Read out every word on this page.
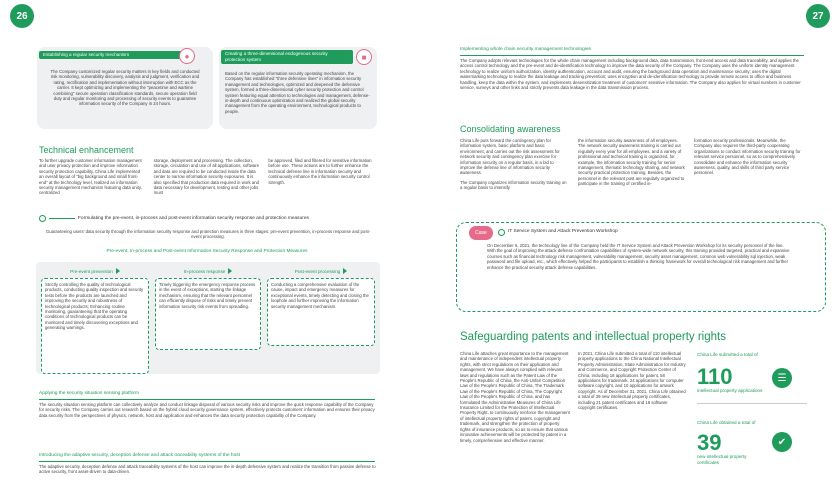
26	27
Establishing a regular security mechanism	●
The Company customized regular security matters in key fields and conducted risk monitoring, vulnerability discovery, analysis and judgment, verification and rating, rectification and implementation without interruption with ECC as the carrier. It kept optimizing and implementing the "peacetime and wartime combining" secure operation classification standards, secure operation field duty and regular monitoring and processing of security events to guarantee information security of the Company in 24 hours.
Creating a three-dimensional endogenous security protection system	■
Based on the regular information security operating mechanism, the Company has established "three defensive lines" in information security management and technologies, optimized and deepened the defensive system, formed a three-dimensional cyber security protection and control system featuring equal attention to technologies and management, defense-in-depth and continuous optimization and realized the global security management from the operating environment, technological products to people.
Technical enhancement
To further upgrade customer information management and user privacy protection and improve information security protection capability, China Life implemented an overall layout of "big background and small front-end" at the technology level, realized an information security management mechanism featuring data unity, centralized
storage, deployment and processing. The collection, storage, circulation and use of all applications, software and data are required to be conducted inside the data center to narrow information security exposures. It is also specified that production data required in work and data necessary for development, testing and other jobs must
be approved, filed and filtered for sensitive information before use. These actions are to further enhance the technical defense line in information security and continuously enhance the information security control strength.
Formulating the pre-event, in-process and post-event information security response and protection measures
Guaranteeing users' data security through the information security response and protection measures in three stages: pre-event prevention, in-process response and post-event processing.
Pre-event, In-process and Post-event Information Security Response and Protection Measures
Pre-event prevention
Strictly controlling the quality of technological products, conducting quality inspection and security tests before the products are launched and improving the security and robustness of technological products; Enhancing routine monitoring, guaranteeing that the operating conditions of technological products can be monitored and timely discovering exceptions and generating warnings.
In-process response
Timely triggering the emergency response process in the event of exceptions, starting the linkage mechanism, ensuring that the relevant personnel can efficiently dispose of risks and timely prevent information security risk events from spreading.
Post-event processing
Conducting a comprehensive evaluation of the cause, impact and emergency measures for exceptional events, timely detecting and closing the loophole and further improving the information security management mechanism.
Applying the security situation sensing platform
The security situation sensing platform can collectively analyze and conduct linkage disposal of various security risks and improve the quick response capability of the Company for security risks. The Company carries out research based on the hybrid cloud security governance system, effectively protects customers' information and ensures their privacy data security from the perspectives of physics, network, host and application and enhances the data security protection capability of the Company.
Introducing the adaptive security, deception defense and attack traceability systems of the host
The adaptive security, deception defense and attack traceability systems of the host can improve the in-depth defensive system and realize the transition from passive defense to active security, front asset-driven to data-driven.
Implementing whole chain security management technologies
The Company adopts relevant technologies for the whole chain management including background data, data transmission, front-end access and data traceability, and applies the access control technology and the pre-event and de-identification technology to improve the data security of the Company. The Company uses the uniform identity management technology to realize uniform authorization, identity authentication, account and audit, ensuring the background data operation and maintenance security; uses the digital watermarking technology to realize the data leakage and tracking prevention; uses encryption and de-identification technology to provide remote access to office and business handling, keep the data within the system, and implements desensitization treatment of customers' sensitive information. The Company also applies for virtual numbers in customer service, surveys and other links and strictly prevents data leakage in the data transmission process.
Consolidating awareness
China Life puts forward the contingency plan for information system, basic platform and basic environment, and carries out the risk assessment for network security and contingency plan exercise for information security on a regular basis, in a bid to improve the defense line of information security awareness.
The Company organizes information security training on a regular basis to intensify
the information security awareness of all employees. The network security awareness training is carried out regularly every year for all employees, and a variety of professional and technical training is organized, for example, the information security training for senior management, thematic technology sharing, and network security practical protection training. Besides, the personnel in the relevant post are regularly organized to participate in the training of certified in-
formation security professionals. Meanwhile, the Company also requires the third-party cooperating organizations to conduct information security training for relevant service personnel, so as to comprehensively consolidate and enhance the information security awareness, quality, and skills of third party service personnel.
Case	IT Service System and Attack Prevention Workshop
On December 6, 2021, the technology line of the Company held the IT Service System and Attack Prevention Workshop for its security personnel of the line. With the goal of improving the attack defense confrontation capabilities of system-wide network security, this training provided targeted, practical and expansive courses such as financial technology risk management, vulnerability management, security asset management, common web vulnerability sql injection, weak password and file upload, etc., which effectively helped the participants to establish a thinking framework for overall technological risk management and further enhance the practical security attack defense capabilities.
Safeguarding patents and intellectual property rights
China Life attaches great importance to the management and maintenance of independent intellectual property rights, with strict regulations on their application and management. We have always complied with relevant laws and regulations such as the Patent Law of the People's Republic of China, the Anti-Unfair Competition Law of the People's Republic of China, The Trademark Law of the People's Republic of China, The Copyright Law of the People's Republic of China, and has formulated the Administrative Measures of China Life Insurance Limited for the Protection of Intellectual Property Right, to continuously reinforce the management of intellectual property rights of patent, copyright and trademark, and strengthen the protection of property rights of insurance products, so as to ensure that various innovative achievements will be protected by patent in a timely, comprehensive and effective manner.
In 2021, China Life submitted a total of 110 intellectual property applications to the China National Intellectual Property Administration, State Administration for Industry and Commerce, and Copyright Protection Center of China, including 18 applications for patent, 58 applications for trademark, 24 applications for computer software copyright, and 10 applications for artwork copyright. As of December 31, 2021, China Life obtained a total of 39 new intellectual property certificates, including 21 patent certificates and 18 software copyright certificates.
China Life submitted a total of
110	☰
intellectual property applications
China Life obtained a total of
39	✔
new intellectual property certificates
